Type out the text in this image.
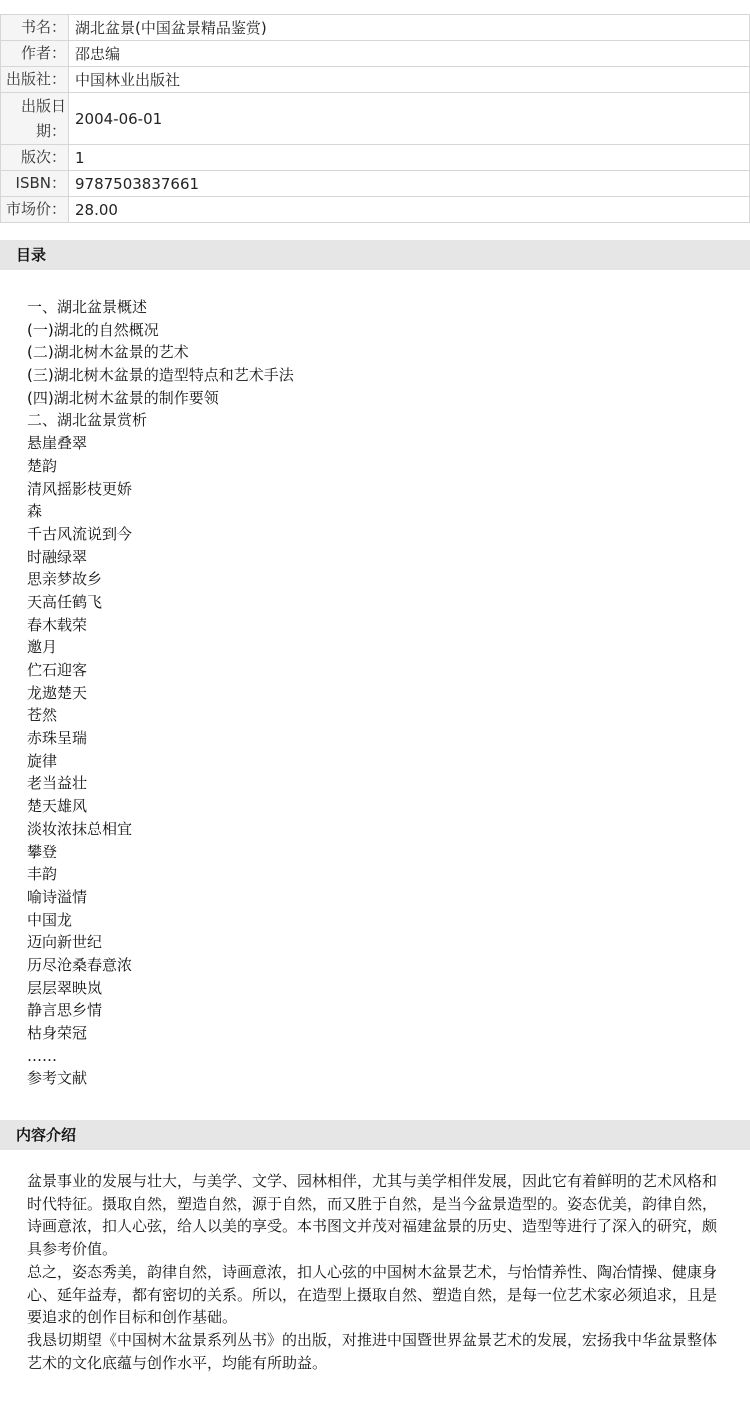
书名：	湖北盆景(中国盆景精品鉴赏)
作者：	邵忠编
出版社：	中国林业出版社
出版日期：	2004-06-01
版次：	1
ISBN：	9787503837661
市场价：	28.00
目录
一、湖北盆景概述
(一)湖北的自然概况
(二)湖北树木盆景的艺术
(三)湖北树木盆景的造型特点和艺术手法
(四)湖北树木盆景的制作要领
二、湖北盆景赏析
悬崖叠翠
楚韵
清风摇影枝更娇
森
千古风流说到今
时融绿翠
思亲梦故乡
天高任鹤飞
春木载荣
邀月
伫石迎客
龙遨楚天
苍然
赤珠呈瑞
旋律
老当益壮
楚天雄风
淡妆浓抹总相宜
攀登
丰韵
喻诗溢情
中国龙
迈向新世纪
历尽沧桑春意浓
层层翠映岚
静言思乡情
枯身荣冠
……
参考文献
内容介绍
盆景事业的发展与壮大，与美学、文学、园林相伴，尤其与美学相伴发展，因此它有着鲜明的艺术风格和时代特征。摄取自然，塑造自然，源于自然，而又胜于自然，是当今盆景造型的。姿态优美，韵律自然，诗画意浓，扣人心弦，给人以美的享受。本书图文并茂对福建盆景的历史、造型等进行了深入的研究，颇具参考价值。
总之，姿态秀美，韵律自然，诗画意浓，扣人心弦的中国树木盆景艺术，与怡情养性、陶冶情操、健康身心、延年益寿，都有密切的关系。所以，在造型上摄取自然、塑造自然，是每一位艺术家必须追求，且是要追求的创作目标和创作基础。
我恳切期望《中国树木盆景系列丛书》的出版，对推进中国暨世界盆景艺术的发展，宏扬我中华盆景整体艺术的文化底蕴与创作水平，均能有所助益。
